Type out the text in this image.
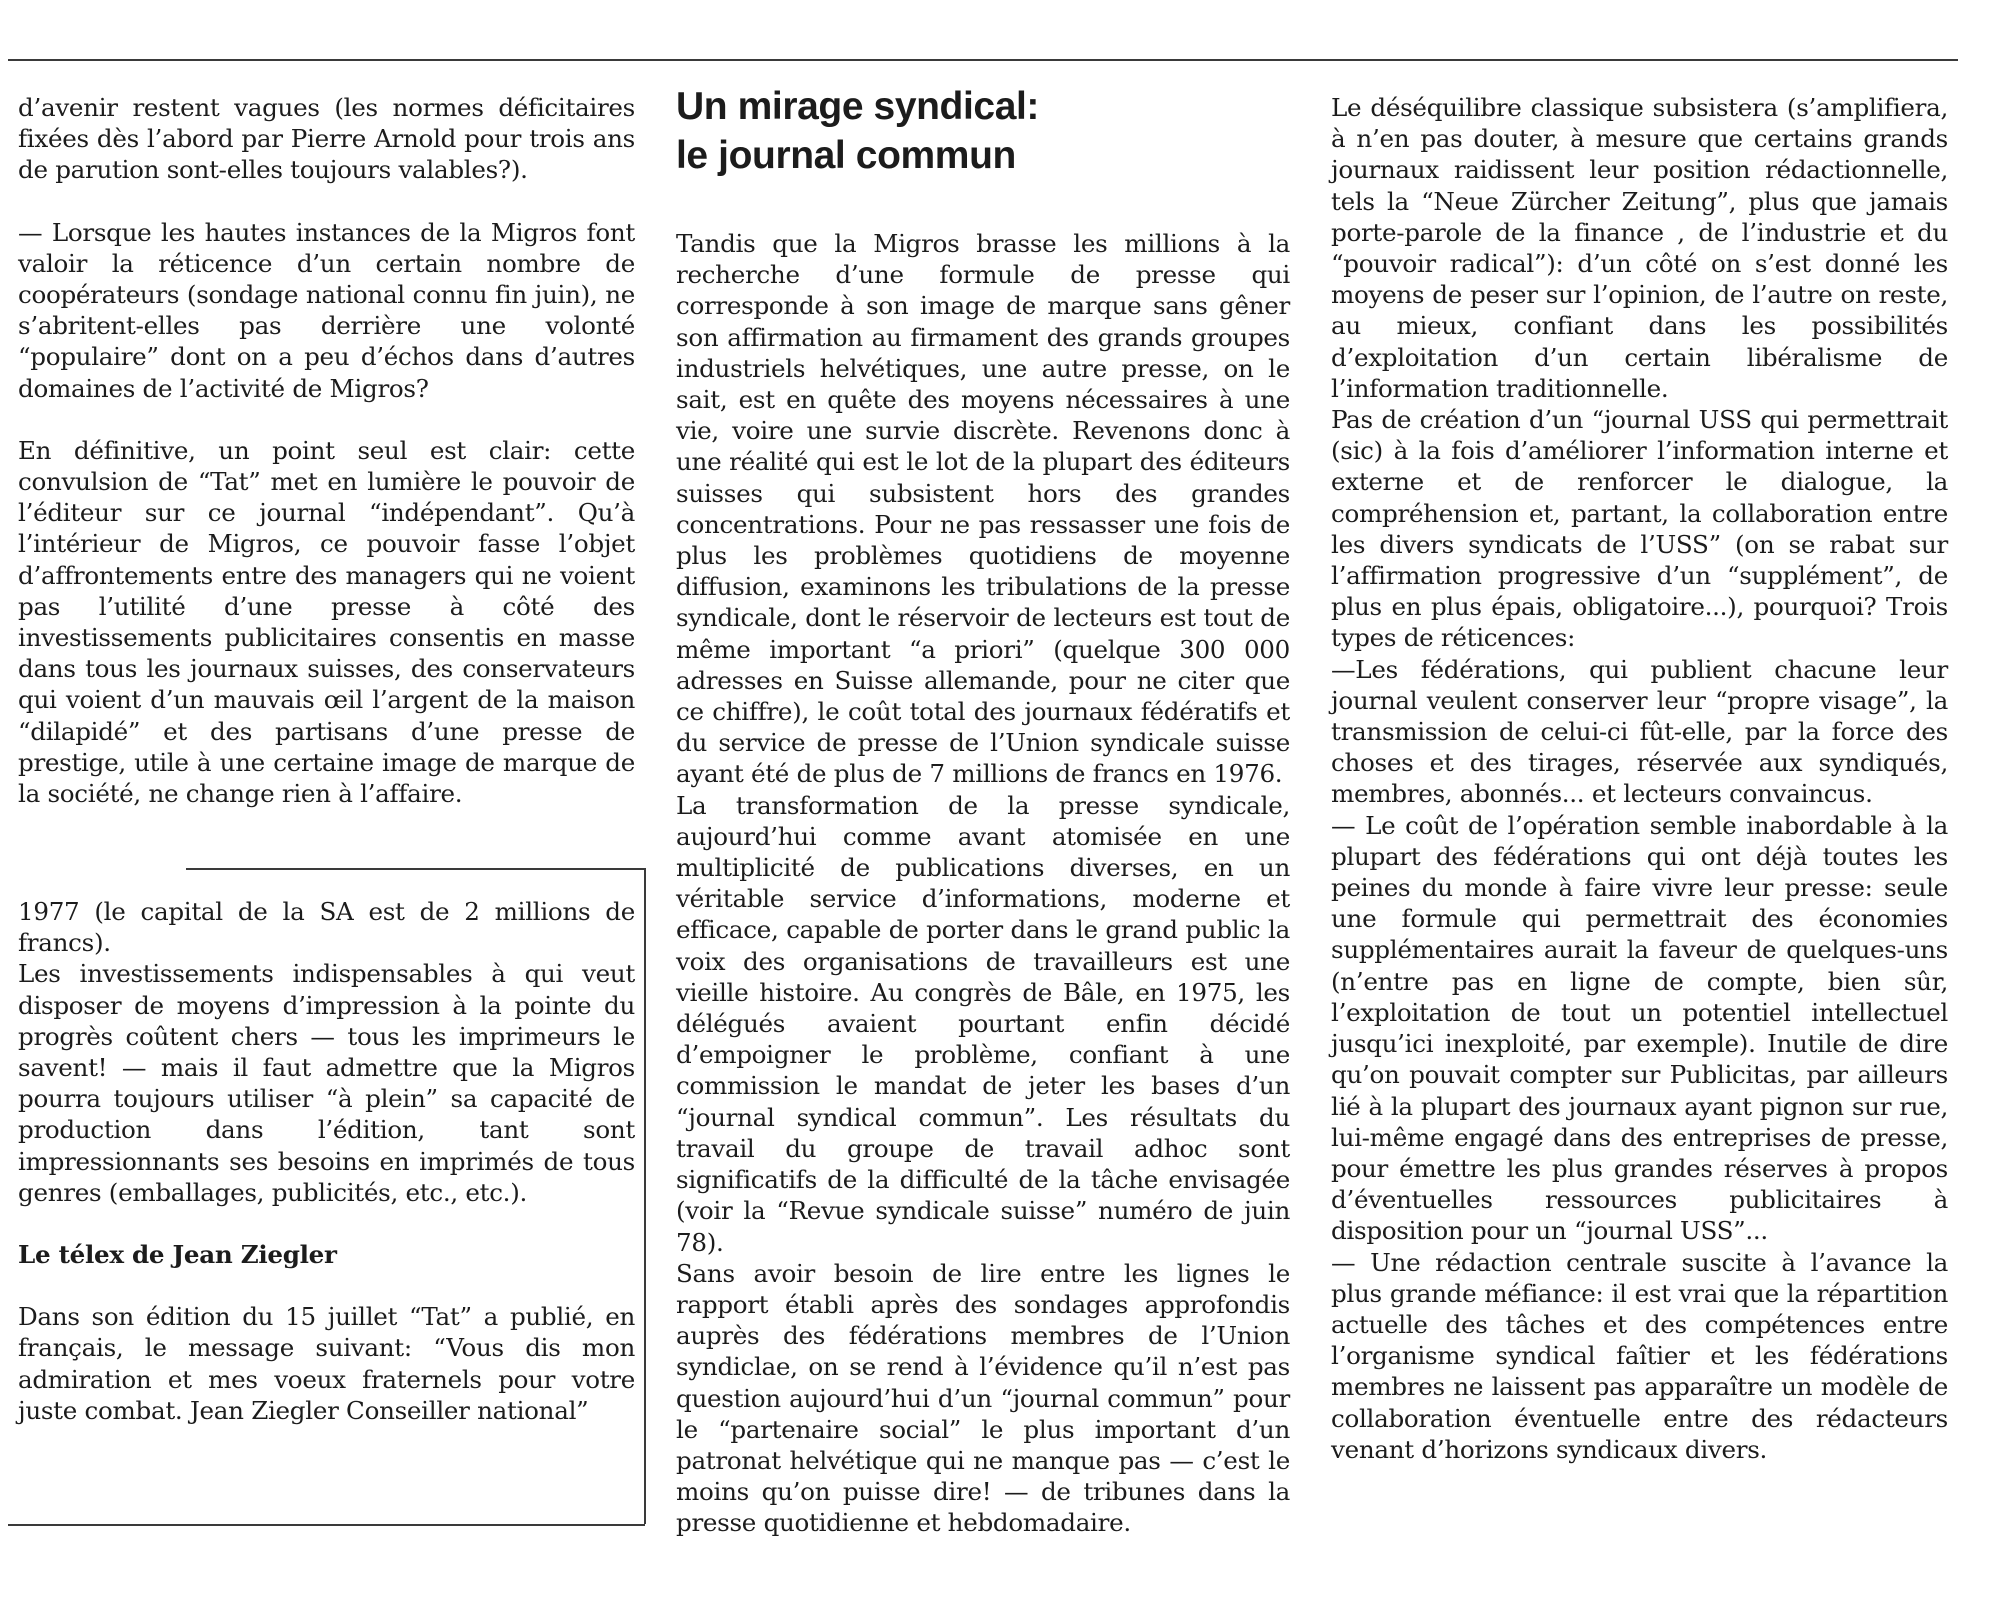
d’avenir restent vagues (les normes déficitaires fixées dès l’abord par Pierre Arnold pour trois ans de parution sont-elles toujours valables?).

— Lorsque les hautes instances de la Migros font valoir la réticence d’un certain nombre de coopérateurs (sondage national connu fin juin), ne s’abritent-elles pas derrière une volonté “populaire” dont on a peu d’échos dans d’autres domaines de l’activité de Migros?

En définitive, un point seul est clair: cette convulsion de “Tat” met en lumière le pouvoir de l’éditeur sur ce journal “indépendant”. Qu’à l’intérieur de Migros, ce pouvoir fasse l’objet d’affrontements entre des managers qui ne voient pas l’utilité d’une presse à côté des investissements publicitaires consentis en masse dans tous les journaux suisses, des conservateurs qui voient d’un mauvais œil l’argent de la maison “dilapidé” et des partisans d’une presse de prestige, utile à une certaine image de marque de la société, ne change rien à l’affaire.

1977 (le capital de la SA est de 2 millions de francs).

Les investissements indispensables à qui veut disposer de moyens d’impression à la pointe du progrès coûtent chers — tous les imprimeurs le savent! — mais il faut admettre que la Migros pourra toujours utiliser “à plein” sa capacité de production dans l’édition, tant sont impressionnants ses besoins en imprimés de tous genres (emballages, publicités, etc., etc.).

Le télex de Jean Ziegler

Dans son édition du 15 juillet “Tat” a publié, en français, le message suivant: “Vous dis mon admiration et mes voeux fraternels pour votre juste combat. Jean Ziegler Conseiller national”

Un mirage syndical:
le journal commun

Tandis que la Migros brasse les millions à la recherche d’une formule de presse qui corresponde à son image de marque sans gêner son affirmation au firmament des grands groupes industriels helvétiques, une autre presse, on le sait, est en quête des moyens nécessaires à une vie, voire une survie discrète. Revenons donc à une réalité qui est le lot de la plupart des éditeurs suisses qui subsistent hors des grandes concentrations. Pour ne pas ressasser une fois de plus les problèmes quotidiens de moyenne diffusion, examinons les tribulations de la presse syndicale, dont le réservoir de lecteurs est tout de même important “a priori” (quelque 300 000 adresses en Suisse allemande, pour ne citer que ce chiffre), le coût total des journaux fédératifs et du service de presse de l’Union syndicale suisse ayant été de plus de 7 millions de francs en 1976.

La transformation de la presse syndicale, aujourd’hui comme avant atomisée en une multiplicité de publications diverses, en un véritable service d’informations, moderne et efficace, capable de porter dans le grand public la voix des organisations de travailleurs est une vieille histoire. Au congrès de Bâle, en 1975, les délégués avaient pourtant enfin décidé d’empoigner le problème, confiant à une commission le mandat de jeter les bases d’un “journal syndical commun”. Les résultats du travail du groupe de travail adhoc sont significatifs de la difficulté de la tâche envisagée (voir la “Revue syndicale suisse” numéro de juin 78).

Sans avoir besoin de lire entre les lignes le rapport établi après des sondages approfondis auprès des fédérations membres de l’Union syndiclae, on se rend à l’évidence qu’il n’est pas question aujourd’hui d’un “journal commun” pour le “partenaire social” le plus important d’un patronat helvétique qui ne manque pas — c’est le moins qu’on puisse dire! — de tribunes dans la presse quotidienne et hebdomadaire.

Le déséquilibre classique subsistera (s’amplifiera, à n’en pas douter, à mesure que certains grands journaux raidissent leur position rédactionnelle, tels la “Neue Zürcher Zeitung”, plus que jamais porte-parole de la finance , de l’industrie et du “pouvoir radical”): d’un côté on s’est donné les moyens de peser sur l’opinion, de l’autre on reste, au mieux, confiant dans les possibilités d’exploitation d’un certain libéralisme de l’information traditionnelle.

Pas de création d’un “journal USS qui permettrait (sic) à la fois d’améliorer l’information interne et externe et de renforcer le dialogue, la compréhension et, partant, la collaboration entre les divers syndicats de l’USS” (on se rabat sur l’affirmation progressive d’un “supplément”, de plus en plus épais, obligatoire...), pourquoi? Trois types de réticences:

—Les fédérations, qui publient chacune leur journal veulent conserver leur “propre visage”, la transmission de celui-ci fût-elle, par la force des choses et des tirages, réservée aux syndiqués, membres, abonnés... et lecteurs convaincus.

— Le coût de l’opération semble inabordable à la plupart des fédérations qui ont déjà toutes les peines du monde à faire vivre leur presse: seule une formule qui permettrait des économies supplémentaires aurait la faveur de quelques-uns (n’entre pas en ligne de compte, bien sûr, l’exploitation de tout un potentiel intellectuel jusqu’ici inexploité, par exemple). Inutile de dire qu’on pouvait compter sur Publicitas, par ailleurs lié à la plupart des journaux ayant pignon sur rue, lui-même engagé dans des entreprises de presse, pour émettre les plus grandes réserves à propos d’éventuelles ressources publicitaires à disposition pour un “journal USS”...

— Une rédaction centrale suscite à l’avance la plus grande méfiance: il est vrai que la répartition actuelle des tâches et des compétences entre l’organisme syndical faîtier et les fédérations membres ne laissent pas apparaître un modèle de collaboration éventuelle entre des rédacteurs venant d’horizons syndicaux divers.
